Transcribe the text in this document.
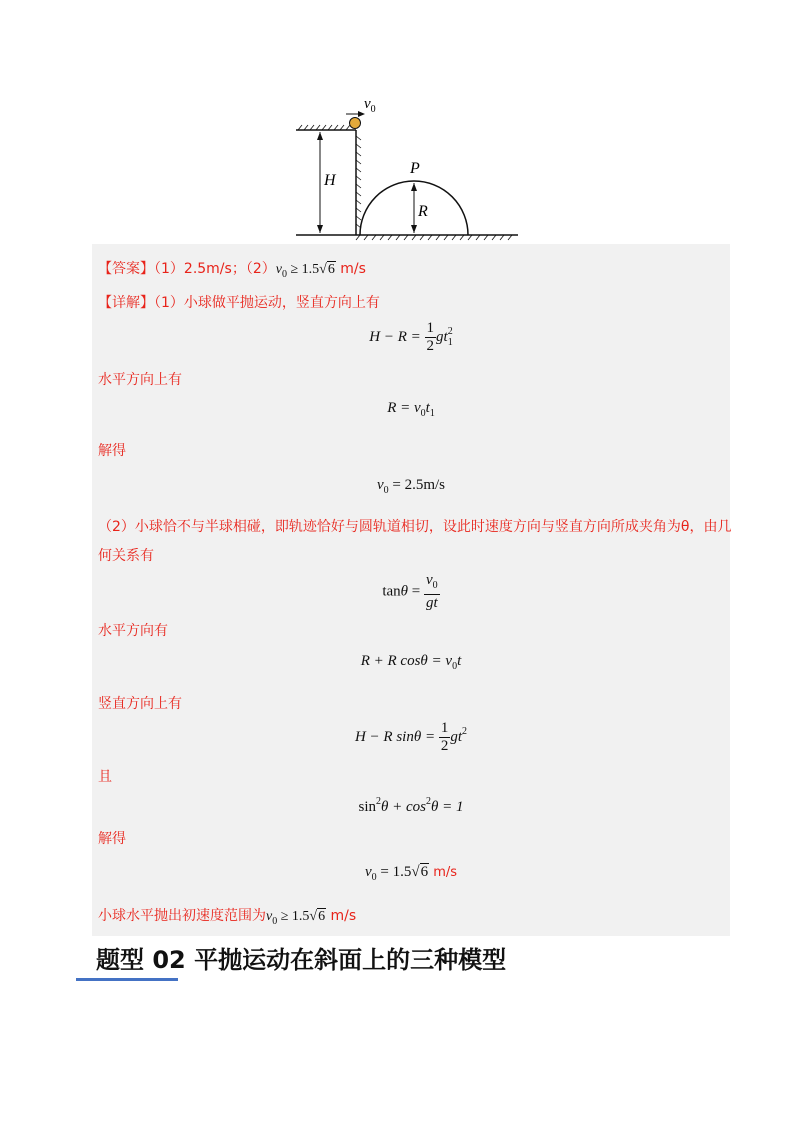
$v_0$
H
P
R
【答案】（1）2.5m/s；$(2)v_0 \ge 1.5√6$ m/s
【详解】（1）小球做平抛运动，竖直方向上有
$H - R = \frac{1}{2} gt^2_1$
水平方向上有
$R = v_0t_1$
解得
$v_0 = 2.5m/s$
（2）小球恰不与半球相碰，即轨迹恰好与圆轨道相切，设此时速度方向与竖直方向所成夹角为θ，由几
何关系有
$\tan\theta = \frac{v_0}{gt}$
水平方向有
R + R $\cos\theta = v_0t$
竖直方向上有
H − R $\sin\theta = \frac{1}{2} gt^2$
且
$\sin^2\theta + \cos^2\theta = 1$
解得
$v_0 = 1.5√6$ m/s
小球水平抛出初速度范围为$v_0 \ge 1.5√6$ m/s
题型 02 平抛运动在斜面上的三种模型
